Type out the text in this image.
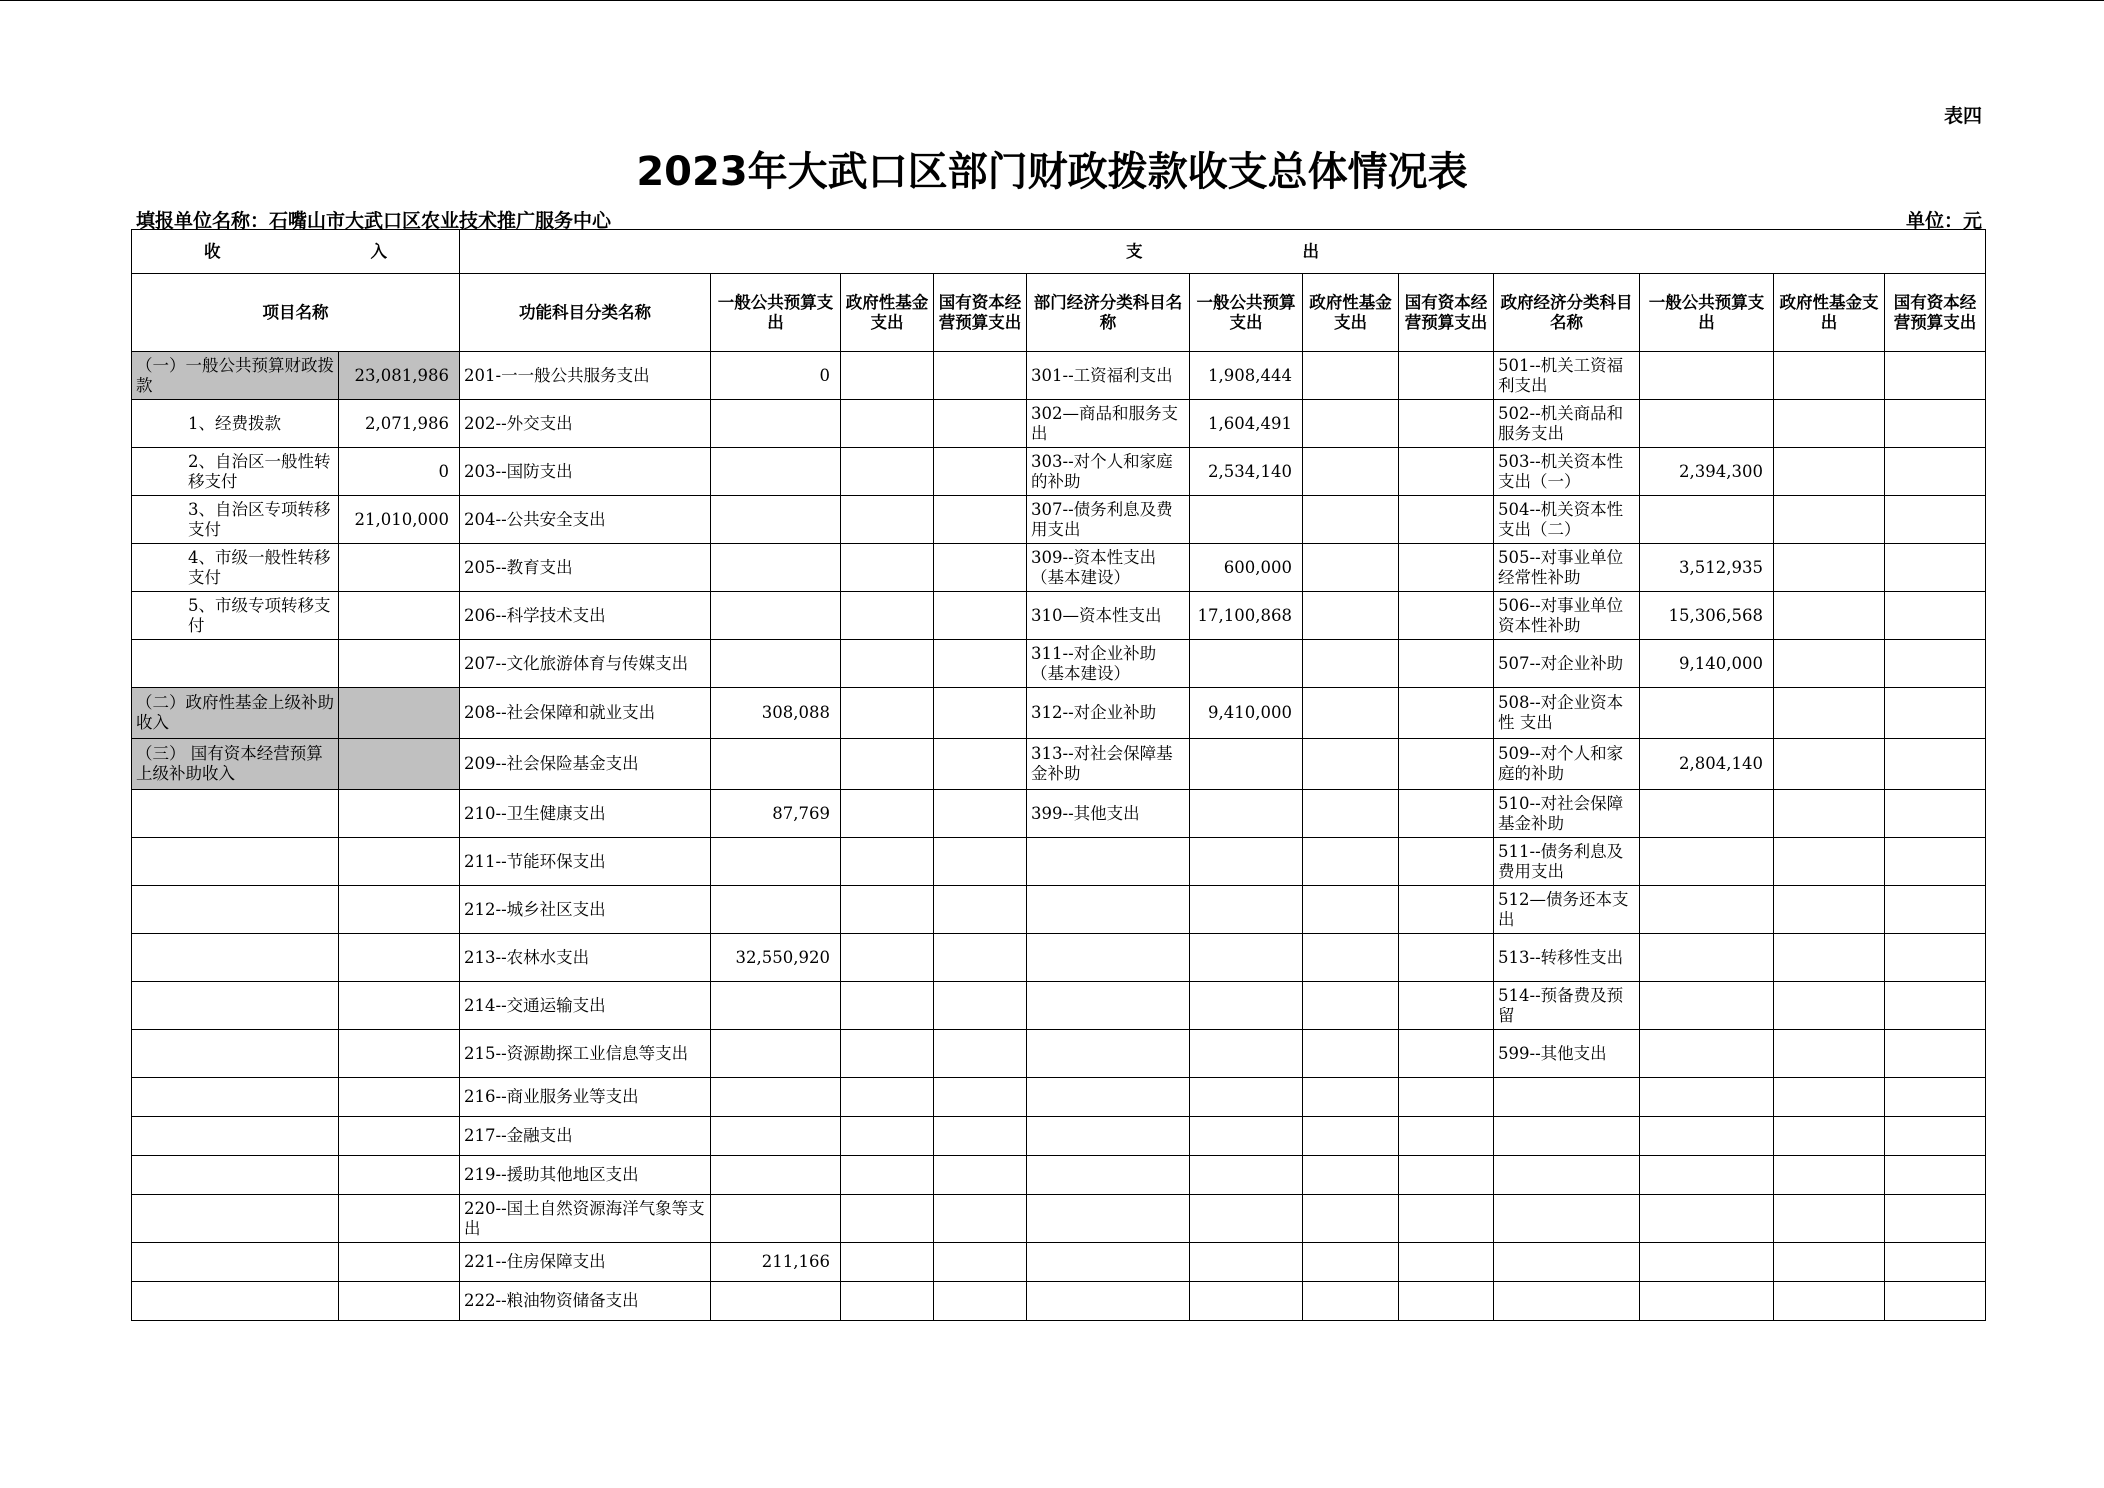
表四
2023年大武口区部门财政拨款收支总体情况表
填报单位名称：石嘴山市大武口区农业技术推广服务中心	单位：元
收 入		支 出											
项目名称		功能科目分类名称	一般公共预算支出	政府性基金支出	国有资本经营预算支出	部门经济分类科目名称	一般公共预算支出	政府性基金支出	国有资本经营预算支出	政府经济分类科目名称	一般公共预算支出	政府性基金支出	国有资本经营预算支出
（一）一般公共预算财政拨款	23,081,986	201-一一般公共服务支出	0			301--工资福利支出	1,908,444			501--机关工资福利支出			
1、经费拨款	2,071,986	202--外交支出				302—商品和服务支出	1,604,491			502--机关商品和服务支出			
2、自治区一般性转移支付	0	203--国防支出				303--对个人和家庭的补助	2,534,140			503--机关资本性支出（一）	2,394,300		
3、自治区专项转移支付	21,010,000	204--公共安全支出				307--债务利息及费用支出				504--机关资本性支出（二）			
4、市级一般性转移支付		205--教育支出				309--资本性支出（基本建设）	600,000			505--对事业单位经常性补助	3,512,935		
5、市级专项转移支付		206--科学技术支出				310—资本性支出	17,100,868			506--对事业单位资本性补助	15,306,568		
		207--文化旅游体育与传媒支出				311--对企业补助（基本建设）				507--对企业补助	9,140,000		
（二）政府性基金上级补助收入		208--社会保障和就业支出	308,088			312--对企业补助	9,410,000			508--对企业资本性 支出			
（三） 国有资本经营预算上级补助收入		209--社会保险基金支出				313--对社会保障基金补助				509--对个人和家庭的补助	2,804,140		
		210--卫生健康支出	87,769			399--其他支出				510--对社会保障基金补助			
		211--节能环保支出								511--债务利息及费用支出			
		212--城乡社区支出								512—债务还本支出			
		213--农林水支出	32,550,920							513--转移性支出			
		214--交通运输支出								514--预备费及预留			
		215--资源勘探工业信息等支出								599--其他支出			
		216--商业服务业等支出											
		217--金融支出											
		219--援助其他地区支出											
		220--国土自然资源海洋气象等支出											
		221--住房保障支出	211,166										
		222--粮油物资储备支出											
